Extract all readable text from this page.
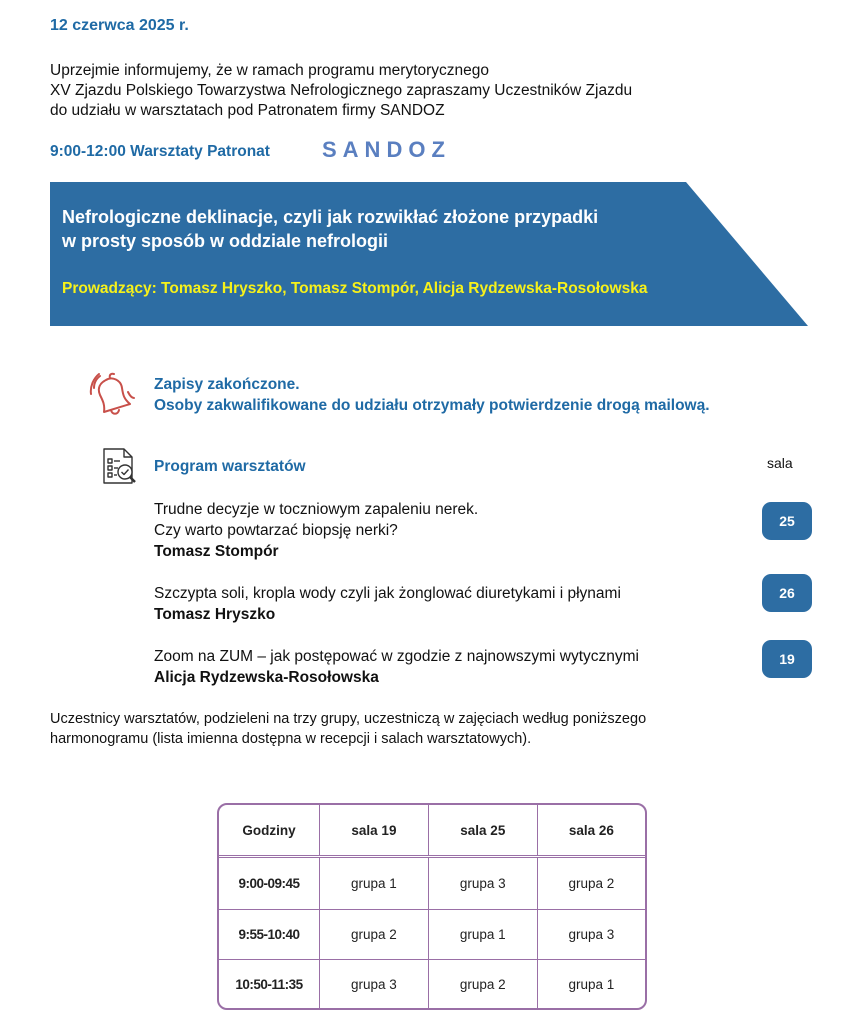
12 czerwca 2025 r.
Uprzejmie informujemy, że w ramach programu merytorycznego
XV Zjazdu Polskiego Towarzystwa Nefrologicznego zapraszamy Uczestników Zjazdu
do udziału w warsztatach pod Patronatem firmy SANDOZ
9:00-12:00 Warsztaty Patronat SANDOZ
Nefrologiczne deklinacje, czyli jak rozwikłać złożone przypadki
w prosty sposób w oddziale nefrologii
Prowadzący: Tomasz Hryszko, Tomasz Stompór, Alicja Rydzewska-Rosołowska
Zapisy zakończone.
Osoby zakwalifikowane do udziału otrzymały potwierdzenie drogą mailową.
Program warsztatów	sala
Trudne decyzje w toczniowym zapaleniu nerek.
Czy warto powtarzać biopsję nerki?
Tomasz Stompór
25
Szczypta soli, kropla wody czyli jak żonglować diuretykami i płynami
Tomasz Hryszko
26
Zoom na ZUM – jak postępować w zgodzie z najnowszymi wytycznymi
Alicja Rydzewska-Rosołowska
19
Uczestnicy warsztatów, podzieleni na trzy grupy, uczestniczą w zajęciach według poniższego
harmonogramu (lista imienna dostępna w recepcji i salach warsztatowych).
Godziny	sala 19	sala 25	sala 26
9:00-09:45	grupa 1	grupa 3	grupa 2
9:55-10:40	grupa 2	grupa 1	grupa 3
10:50-11:35	grupa 3	grupa 2	grupa 1
